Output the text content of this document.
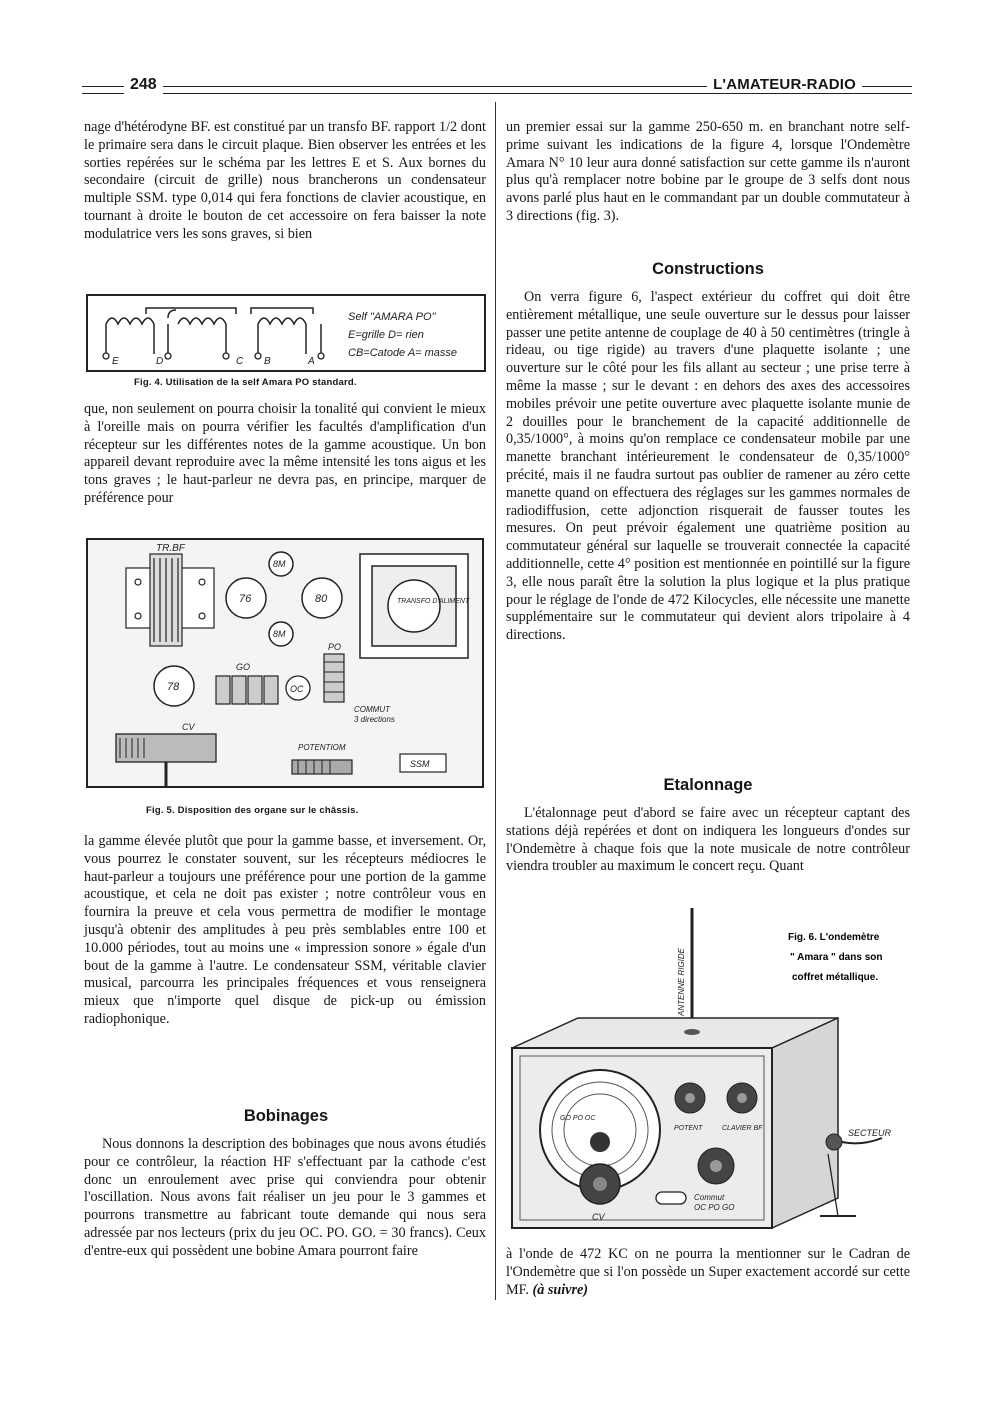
248	L'AMATEUR-RADIO

nage d'hétérodyne BF. est constitué par un transfo BF. rapport 1/2 dont le primaire sera dans le circuit plaque. Bien observer les entrées et les sorties repérées sur le schéma par les lettres E et S. Aux bornes du secondaire (circuit de grille) nous brancherons un condensateur multiple SSM. type 0,014 qui fera fonctions de clavier acoustique, en tournant à droite le bouton de cet accessoire on fera baisser la note modulatrice vers les sons graves, si bien

E	D	C B	A
Self "AMARA PO"
E=grille D= rien
CB=Catode A= masse
Fig. 4. Utilisation de la self Amara PO standard.

que, non seulement on pourra choisir la tonalité qui convient le mieux à l'oreille mais on pourra vérifier les facultés d'amplification d'un récepteur sur les différentes notes de la gamme acoustique. Un bon appareil devant reproduire avec la même intensité les tons aigus et les tons graves ; le haut-parleur ne devra pas, en principe, marquer de préférence pour

TR.BF
76	80
8M
8M
78
TRANSFO D'ALIMENT
PO
GO
OC
COMMUT
3 directions
CV
POTENTIOM
SSM
Fig. 5. Disposition des organe sur le châssis.

la gamme élevée plutôt que pour la gamme basse, et inversement. Or, vous pourrez le constater souvent, sur les récepteurs médiocres le haut-parleur a toujours une préférence pour une portion de la gamme acoustique, et cela ne doit pas exister ; notre contrôleur vous en fournira la preuve et cela vous permettra de modifier le montage jusqu'à obtenir des amplitudes à peu près semblables entre 100 et 10.000 périodes, tout au moins une « impression sonore » égale d'un bout de la gamme à l'autre. Le condensateur SSM, véritable clavier musical, parcourra les principales fréquences et vous renseignera mieux que n'importe quel disque de pick-up ou émission radiophonique.

Bobinages

Nous donnons la description des bobinages que nous avons étudiés pour ce contrôleur, la réaction HF s'effectuant par la cathode c'est donc un enroulement avec prise qui conviendra pour obtenir l'oscillation. Nous avons fait réaliser un jeu pour le 3 gammes et pourrons transmettre au fabricant toute demande qui nous sera adressée par nos lecteurs (prix du jeu OC. PO. GO. = 30 francs). Ceux d'entre-eux qui possèdent une bobine Amara pourront faire

un premier essai sur la gamme 250-650 m. en branchant notre self-prime suivant les indications de la figure 4, lorsque l'Ondemètre Amara N° 10 leur aura donné satisfaction sur cette gamme ils n'auront plus qu'à remplacer notre bobine par le groupe de 3 selfs dont nous avons parlé plus haut en le commandant par un double commutateur à 3 directions (fig. 3).

Constructions

On verra figure 6, l'aspect extérieur du coffret qui doit être entièrement métallique, une seule ouverture sur le dessus pour laisser passer une petite antenne de couplage de 40 à 50 centimètres (tringle à rideau, ou tige rigide) au travers d'une plaquette isolante ; une ouverture sur le côté pour les fils allant au secteur ; une prise terre à même la masse ; sur le devant : en dehors des axes des accessoires mobiles prévoir une petite ouverture avec plaquette isolante munie de 2 douilles pour le branchement de la capacité additionnelle de 0,35/1000°, à moins qu'on remplace ce condensateur mobile par une manette branchant intérieurement le condensateur de 0,35/1000° précité, mais il ne faudra surtout pas oublier de ramener au zéro cette manette quand on effectuera des réglages sur les gammes normales de radiodiffusion, cette adjonction risquerait de fausser toutes les mesures. On peut prévoir également une quatrième position au commutateur général sur laquelle se trouverait connectée la capacité additionnelle, cette 4° position est mentionnée en pointillé sur la figure 3, elle nous paraît être la solution la plus logique et la plus pratique pour le réglage de l'onde de 472 Kilocycles, elle nécessite une manette supplémentaire sur le commutateur qui devient alors tripolaire à 4 directions.

Etalonnage

L'étalonnage peut d'abord se faire avec un récepteur captant des stations déjà repérées et dont on indiquera les longueurs d'ondes sur l'Ondemètre à chaque fois que la note musicale de notre contrôleur viendra troubler au maximum le concert reçu. Quant

ANTENNE RIGIDE
GO PO OC
CV
POTENT	CLAVIER BF
Commut
OC PO GO
SECTEUR
Fig. 6. L'ondemètre
" Amara " dans son
coffret métallique.

à l'onde de 472 KC on ne pourra la mentionner sur le Cadran de l'Ondemètre que si l'on possède un Super exactement accordé sur cette MF. (à suivre)
